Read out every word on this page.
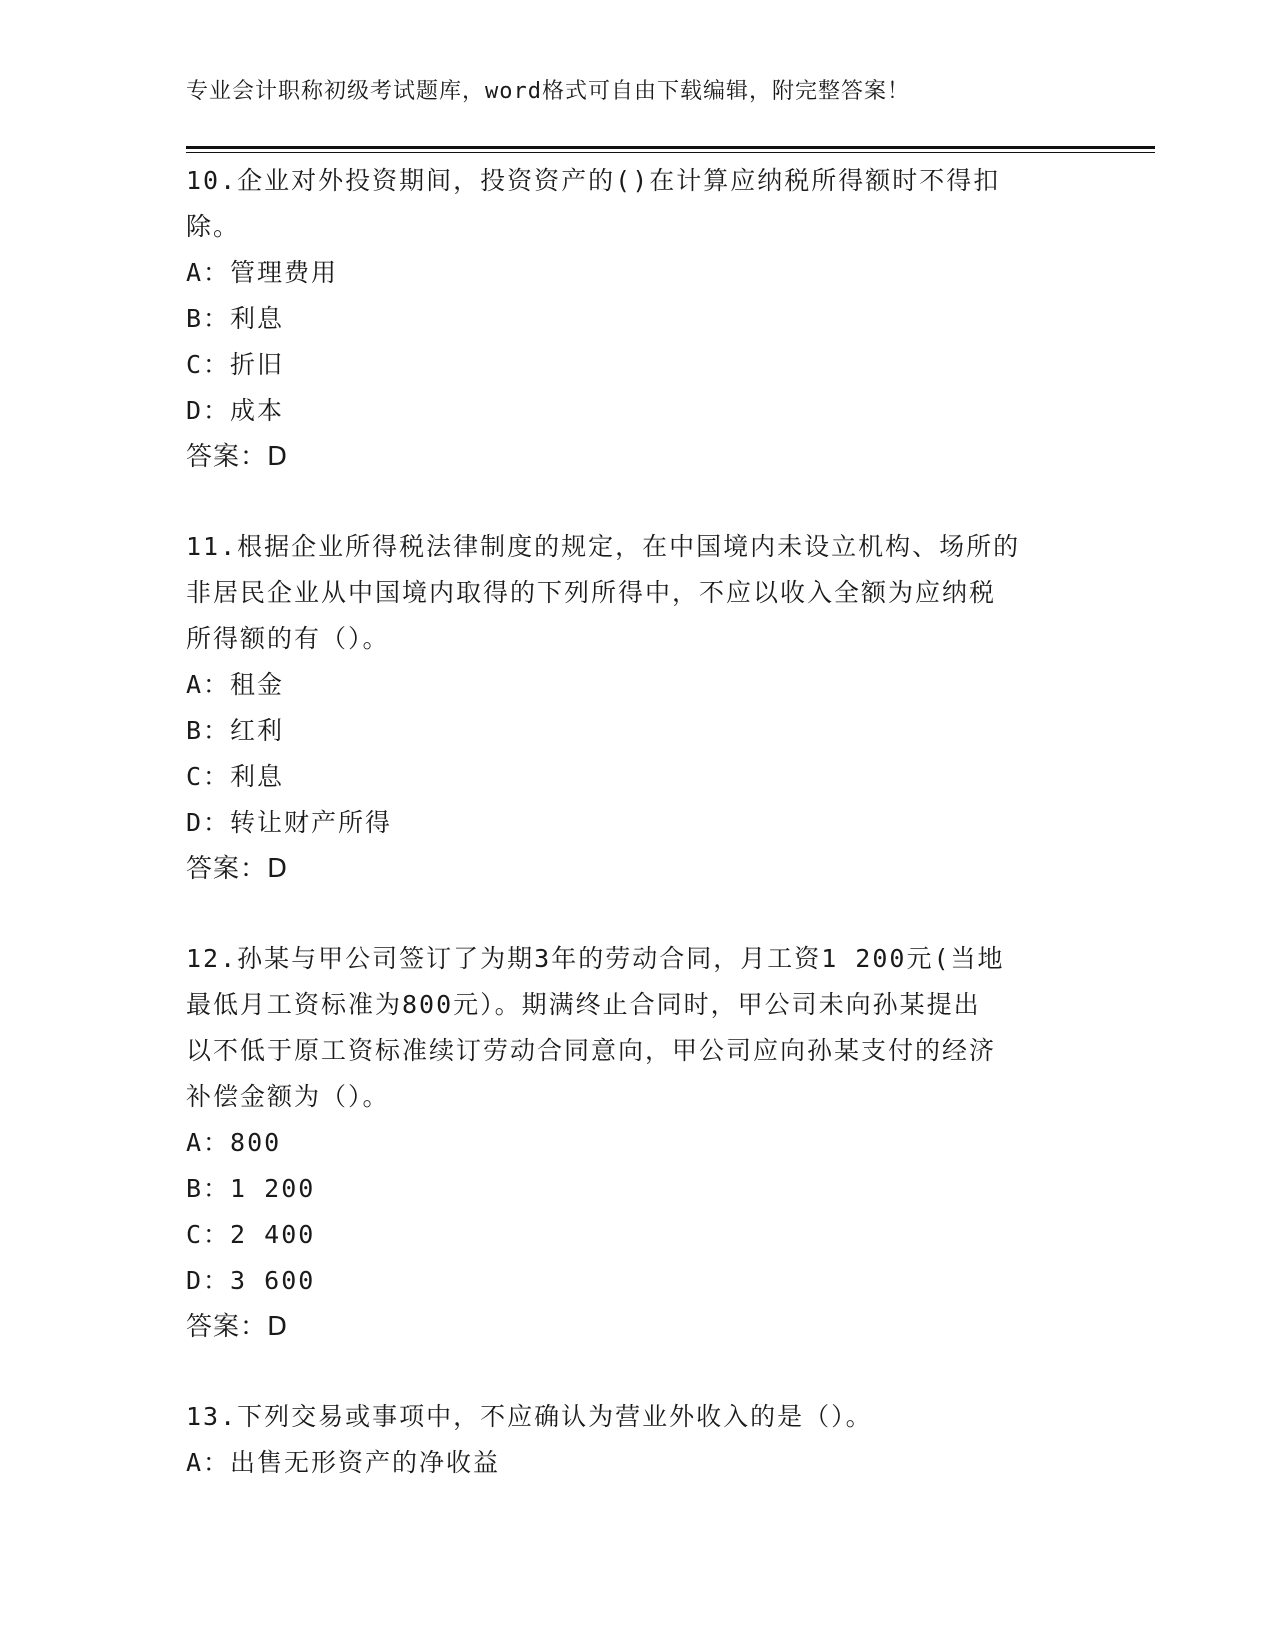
专业会计职称初级考试题库，word格式可自由下载编辑，附完整答案！
10.企业对外投资期间，投资资产的()在计算应纳税所得额时不得扣
除。
A：管理费用
B：利息
C：折旧
D：成本
答案：D
11.根据企业所得税法律制度的规定，在中国境内未设立机构、场所的
非居民企业从中国境内取得的下列所得中，不应以收入全额为应纳税
所得额的有（）。
A：租金
B：红利
C：利息
D：转让财产所得
答案：D
12.孙某与甲公司签订了为期3年的劳动合同，月工资1 200元(当地
最低月工资标准为800元）。期满终止合同时，甲公司未向孙某提出
以不低于原工资标准续订劳动合同意向，甲公司应向孙某支付的经济
补偿金额为（）。
A：800
B：1 200
C：2 400
D：3 600
答案：D
13.下列交易或事项中，不应确认为营业外收入的是（）。
A：出售无形资产的净收益
